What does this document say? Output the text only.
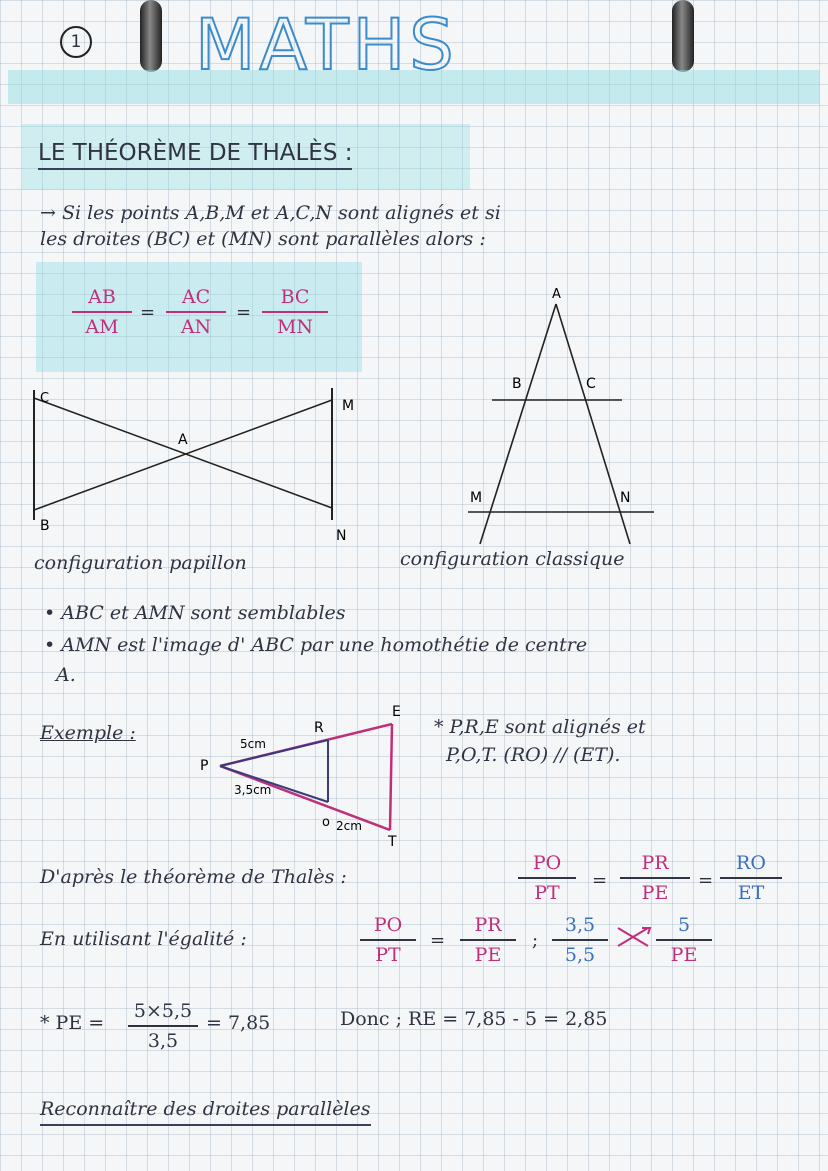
1 MATHS
LE THÉORÈME DE THALÈS :
→ Si les points A,B,M et A,C,N sont alignés et si
les droites (BC) et (MN) sont parallèles alors :
AB
AM
=
AC
AN
=
BC
MN
C
A
M
B
N
A
B	C
M	N
configuration papillon	configuration classique
• ABC et AMN sont semblables
• AMN est l'image d' ABC par une homothétie de centre
A.
Exemple :
P
R
E
T
o
5cm
3,5cm
2cm
* P,R,E sont alignés et
P,O,T. (RO) // (ET).
D'après le théorème de Thalès :
PO
PT
=
PR
PE
=
RO
ET
En utilisant l'égalité :
PO
PT
=
PR
PE
;
3,5
5,5
5
PE
* PE =
5×5,5
3,5
= 7,85	Donc ; RE = 7,85 - 5 = 2,85
Reconnaître des droites parallèles
